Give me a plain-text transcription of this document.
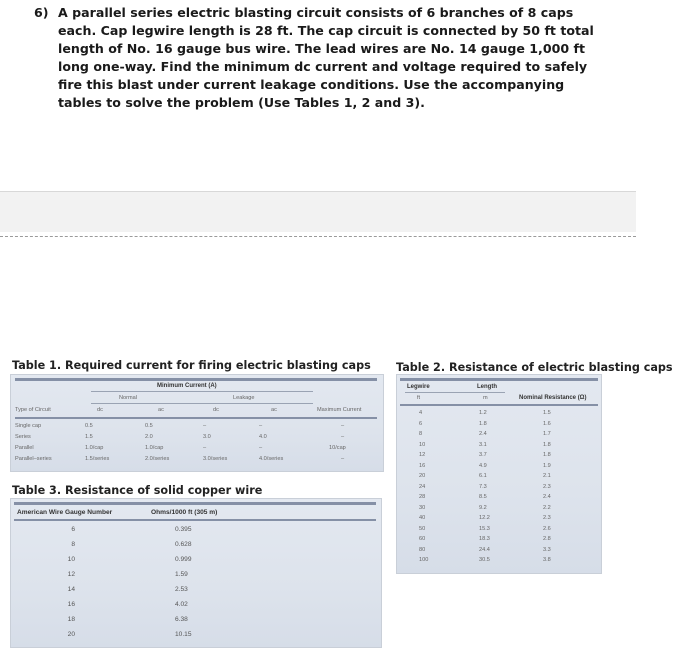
6) A parallel series electric blasting circuit consists of 6 branches of 8 caps each. Cap legwire length is 28 ft. The cap circuit is connected by 50 ft total length of No. 16 gauge bus wire. The lead wires are No. 14 gauge 1,000 ft long one-way. Find the minimum dc current and voltage required to safely fire this blast under current leakage conditions. Use the accompanying tables to solve the problem (Use Tables 1, 2 and 3).
Table 1. Required current for firing electric blasting caps
Minimum Current (A)
Normal	Leakage
Type of Circuit	dc	ac	dc	ac	Maximum Current
Single cap	0.5	0.5	–	–	–
Series	1.5	2.0	3.0	4.0	–
Parallel	1.0/cap	1.0/cap	–	–	10/cap
Parallel–series	1.5/series	2.0/series	3.0/series	4.0/series	–
Table 2. Resistance of electric blasting caps
Legwire	Length
ft	m	Nominal Resistance (Ω)
4	1.2	1.5
6	1.8	1.6
8	2.4	1.7
10	3.1	1.8
12	3.7	1.8
16	4.9	1.9
20	6.1	2.1
24	7.3	2.3
28	8.5	2.4
30	9.2	2.2
40	12.2	2.3
50	15.3	2.6
60	18.3	2.8
80	24.4	3.3
100	30.5	3.8
Table 3. Resistance of solid copper wire
American Wire Gauge Number	Ohms/1000 ft (305 m)
6	0.395
8	0.628
10	0.999
12	1.59
14	2.53
16	4.02
18	6.38
20	10.15
